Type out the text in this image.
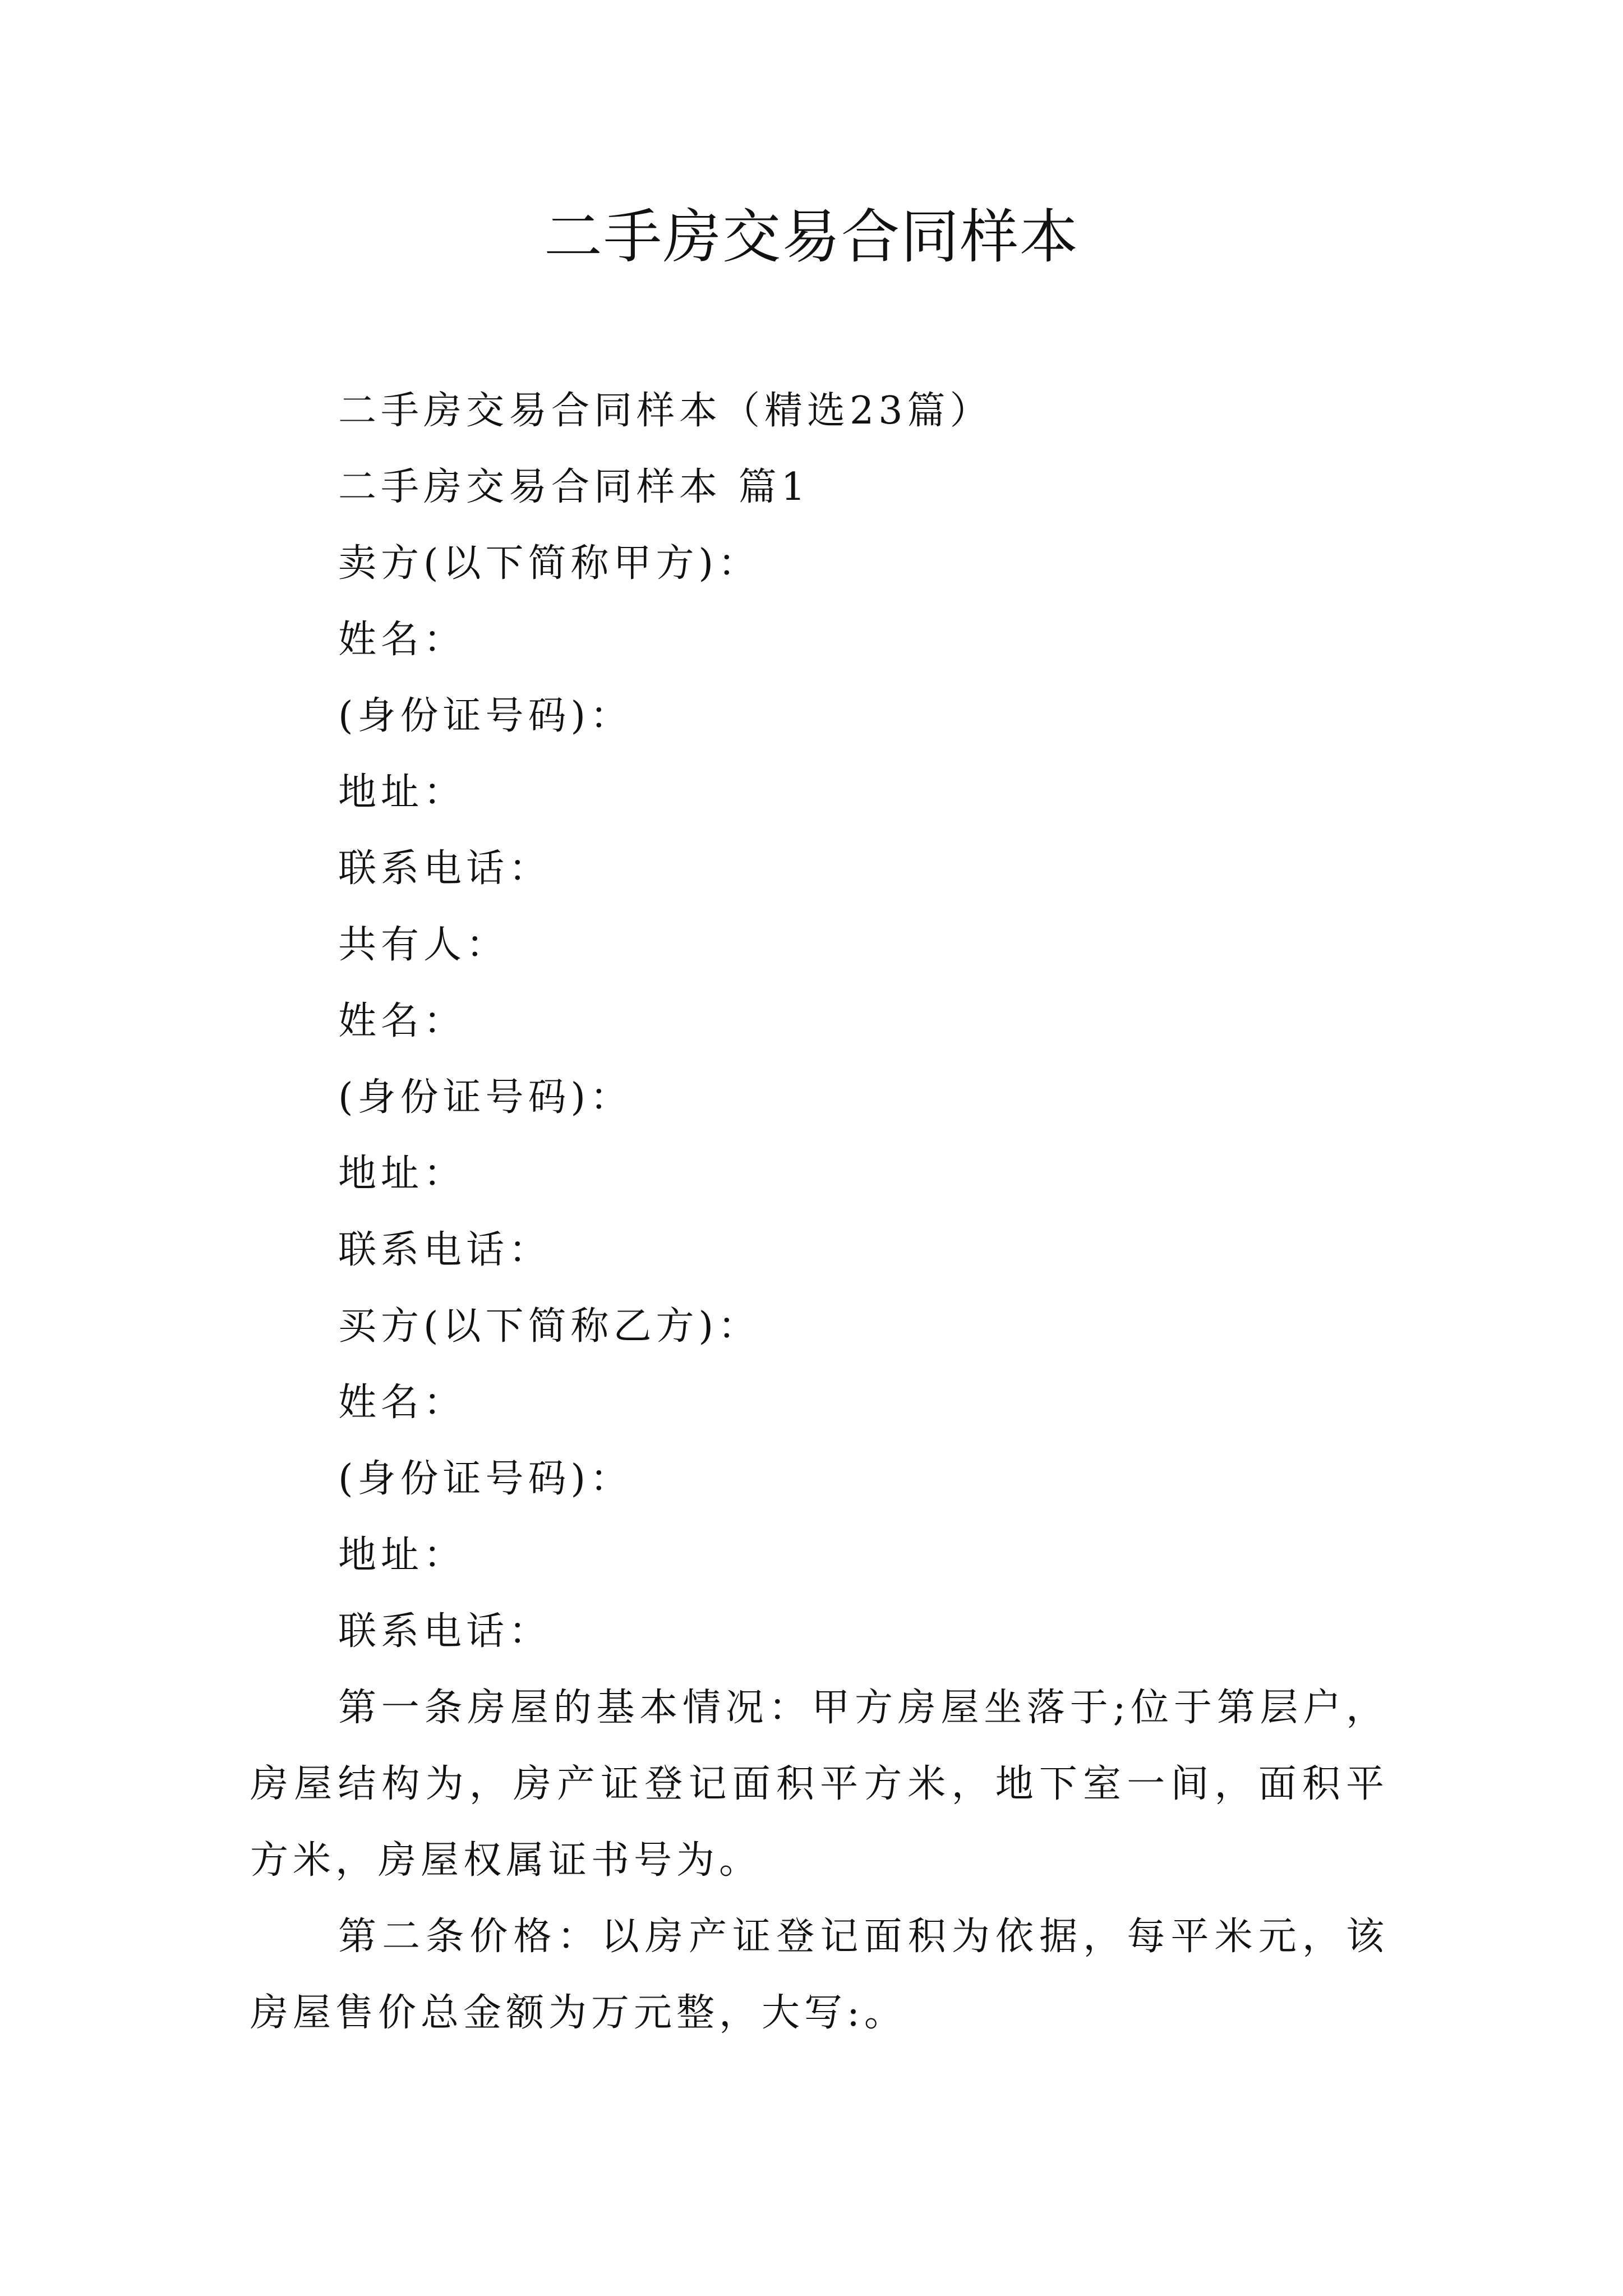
二手房交易合同样本

二手房交易合同样本（精选23篇）

二手房交易合同样本 篇1

卖方(以下简称甲方)：

姓名：

(身份证号码)：

地址：

联系电话：

共有人：

姓名：

(身份证号码)：

地址：

联系电话：

买方(以下简称乙方)：

姓名：

(身份证号码)：

地址：

联系电话：

第一条房屋的基本情况：甲方房屋坐落于;位于第层户，房屋结构为，房产证登记面积平方米，地下室一间，面积平方米，房屋权属证书号为。

第二条价格：以房产证登记面积为依据，每平米元，该房屋售价总金额为万元整，大写:。
